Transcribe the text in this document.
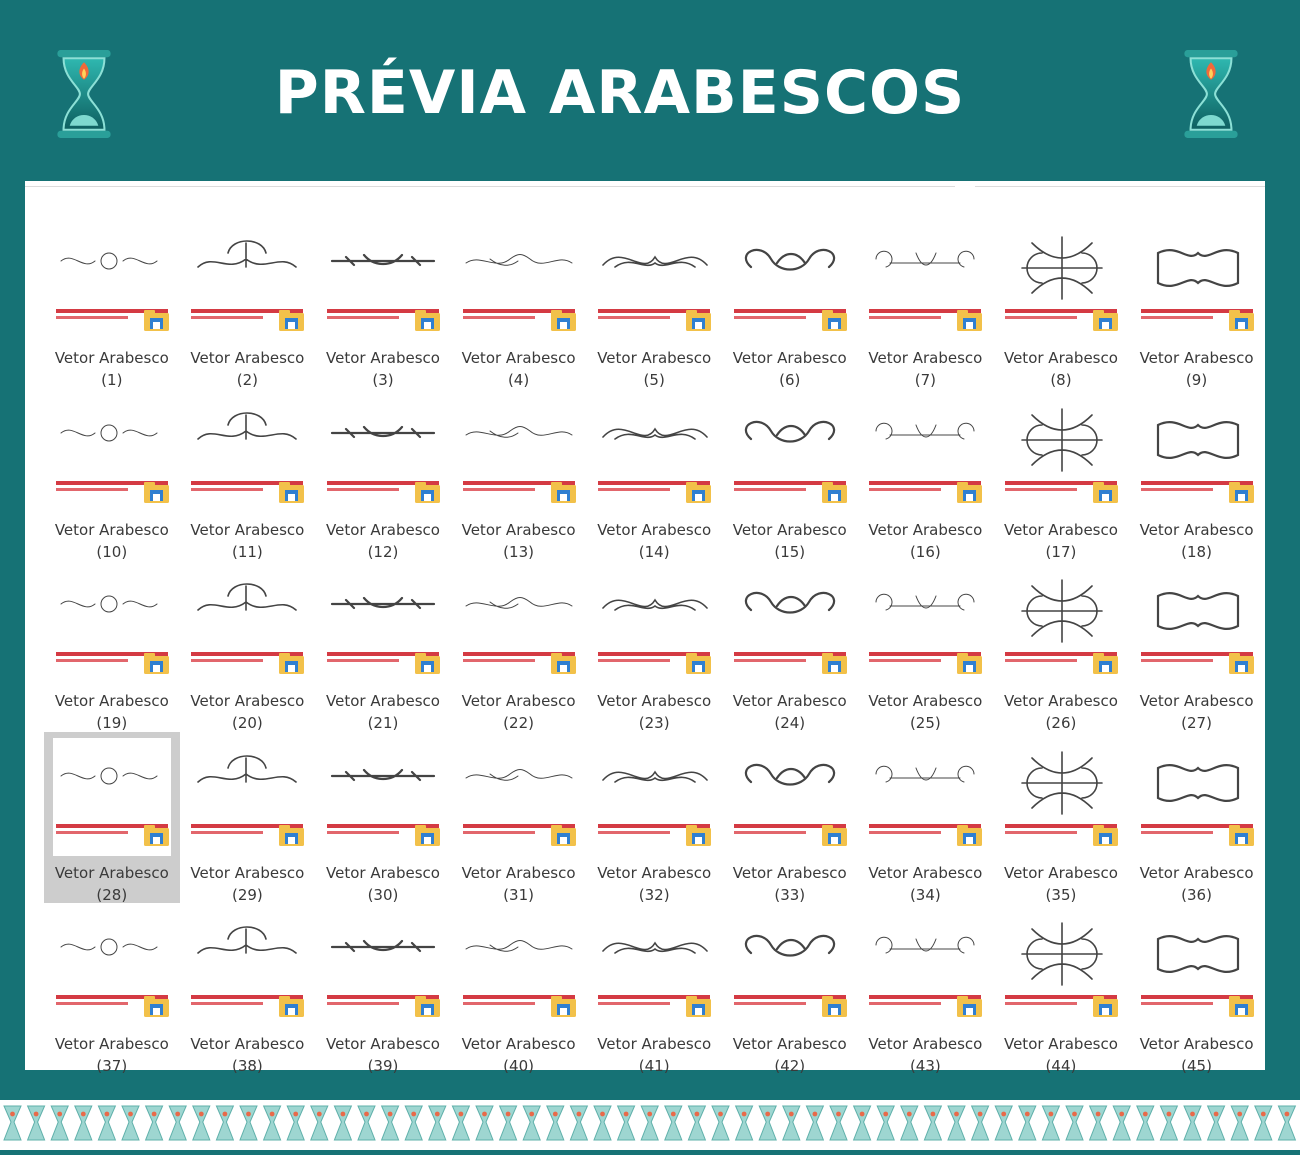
PRÉVIA ARABESCOS
Vetor Arabesco
(1)
Vetor Arabesco
(2)
Vetor Arabesco
(3)
Vetor Arabesco
(4)
Vetor Arabesco
(5)
Vetor Arabesco
(6)
Vetor Arabesco
(7)
Vetor Arabesco
(8)
Vetor Arabesco
(9)
Vetor Arabesco
(10)
Vetor Arabesco
(11)
Vetor Arabesco
(12)
Vetor Arabesco
(13)
Vetor Arabesco
(14)
Vetor Arabesco
(15)
Vetor Arabesco
(16)
Vetor Arabesco
(17)
Vetor Arabesco
(18)
Vetor Arabesco
(19)
Vetor Arabesco
(20)
Vetor Arabesco
(21)
Vetor Arabesco
(22)
Vetor Arabesco
(23)
Vetor Arabesco
(24)
Vetor Arabesco
(25)
Vetor Arabesco
(26)
Vetor Arabesco
(27)
Vetor Arabesco
(28)
Vetor Arabesco
(29)
Vetor Arabesco
(30)
Vetor Arabesco
(31)
Vetor Arabesco
(32)
Vetor Arabesco
(33)
Vetor Arabesco
(34)
Vetor Arabesco
(35)
Vetor Arabesco
(36)
Vetor Arabesco
(37)
Vetor Arabesco
(38)
Vetor Arabesco
(39)
Vetor Arabesco
(40)
Vetor Arabesco
(41)
Vetor Arabesco
(42)
Vetor Arabesco
(43)
Vetor Arabesco
(44)
Vetor Arabesco
(45)
